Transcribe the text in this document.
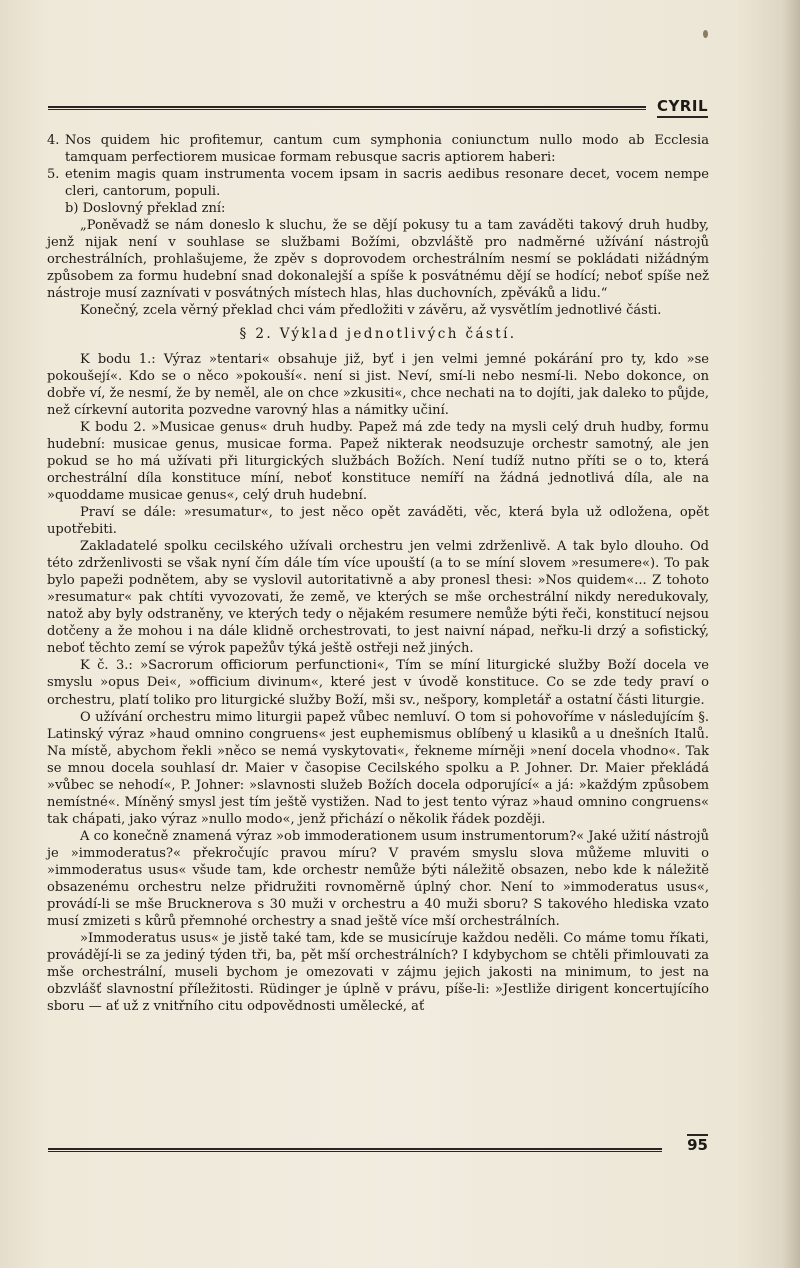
CYRIL

4. Nos quidem hic profitemur, cantum cum symphonia coniunctum nullo modo ab Ecclesia tamquam perfectiorem musicae formam rebusque sacris aptiorem haberi:

5. etenim magis quam instrumenta vocem ipsam in sacris aedibus resonare decet, vocem nempe cleri, cantorum, populi.

b) Doslovný překlad zní:

„Poněvadž se nám doneslo k sluchu, že se dějí pokusy tu a tam zaváděti takový druh hudby, jenž nijak není v souhlase se službami Božími, obzvláště pro nadměrné užívání nástrojů orchestrálních, prohlašujeme, že zpěv s doprovodem orchestrálním nesmí se pokládati nižádným způsobem za formu hudební snad dokonalejší a spíše k posvátnému dějí se hodící; neboť spíše než nástroje musí zaznívati v posvátných místech hlas, hlas duchovních, zpěváků a lidu.“

Konečný, zcela věrný překlad chci vám předložiti v závěru, až vysvětlím jednotlivé části.

§ 2. Výklad jednotlivých částí.

K bodu 1.: Výraz »tentari« obsahuje již, byť i jen velmi jemné pokárání pro ty, kdo »se pokoušejí«. Kdo se o něco »pokouší«. není si jist. Neví, smí-li nebo nesmí-li. Nebo dokonce, on dobře ví, že nesmí, že by neměl, ale on chce »zkusiti«, chce nechati na to dojíti, jak daleko to půjde, než církevní autorita pozvedne varovný hlas a námitky učiní.

K bodu 2. »Musicae genus« druh hudby. Papež má zde tedy na mysli celý druh hudby, formu hudební: musicae genus, musicae forma. Papež nikterak neodsuzuje orchestr samotný, ale jen pokud se ho má užívati při liturgických službách Božích. Není tudíž nutno příti se o to, která orchestrální díla konstituce míní, neboť konstituce nemíří na žádná jednotlivá díla, ale na »quoddame musicae genus«, celý druh hudební.

Praví se dále: »resumatur«, to jest něco opět zaváděti, věc, která byla už odložena, opět upotřebiti.

Zakladatelé spolku cecilského užívali orchestru jen velmi zdrženlivě. A tak bylo dlouho. Od této zdrženlivosti se však nyní čím dále tím více upouští (a to se míní slovem »resumere«). To pak bylo papeži podnětem, aby se vyslovil autoritativně a aby pronesl thesi: »Nos quidem«... Z tohoto »resumatur« pak chtíti vyvozovati, že země, ve kterých se mše orchestrální nikdy neredukovaly, natož aby byly odstraněny, ve kterých tedy o nějakém resumere nemůže býti řeči, konstitucí nejsou dotčeny a že mohou i na dále klidně orchestrovati, to jest naivní nápad, neřku-li drzý a sofistický, neboť těchto zemí se výrok papežův týká ještě ostřeji než jiných.

K č. 3.: »Sacrorum officiorum perfunctioni«, Tím se míní liturgické služby Boží docela ve smyslu »opus Dei«, »officium divinum«, které jest v úvodě konstituce. Co se zde tedy praví o orchestru, platí toliko pro liturgické služby Boží, mši sv., nešpory, kompletář a ostatní části liturgie.

O užívání orchestru mimo liturgii papež vůbec nemluví. O tom si pohovoříme v následujícím §. Latinský výraz »haud omnino congruens« jest euphemismus oblíbený u klasiků a u dnešních Italů. Na místě, abychom řekli »něco se nemá vyskytovati«, řekneme mírněji »není docela vhodno«. Tak se mnou docela souhlasí dr. Maier v časopise Cecilského spolku a P. Johner. Dr. Maier překládá »vůbec se nehodí«, P. Johner: »slavnosti služeb Božích docela odporující« a já: »každým způsobem nemístné«. Míněný smysl jest tím ještě vystižen. Nad to jest tento výraz »haud omnino congruens« tak chápati, jako výraz »nullo modo«, jenž přichází o několik řádek později.

A co konečně znamená výraz »ob immoderationem usum instrumentorum?« Jaké užití nástrojů je »immoderatus?« překročujíc pravou míru? V pravém smyslu slova můžeme mluviti o »immoderatus usus« všude tam, kde orchestr nemůže býti náležitě obsazen, nebo kde k náležitě obsazenému orchestru nelze přidružiti rovnoměrně úplný chor. Není to »immoderatus usus«, provádí-li se mše Brucknerova s 30 muži v orchestru a 40 muži sboru? S takového hlediska vzato musí zmizeti s kůrů přemnohé orchestry a snad ještě více mší orchestrálních.

»Immoderatus usus« je jistě také tam, kde se musicíruje každou neděli. Co máme tomu říkati, provádějí-li se za jediný týden tři, ba, pět mší orchestrálních? I kdybychom se chtěli přimlouvati za mše orchestrální, museli bychom je omezovati v zájmu jejich jakosti na minimum, to jest na obzvlášť slavnostní příležitosti. Rüdinger je úplně v právu, píše-li: »Jestliže dirigent koncertujícího sboru — ať už z vnitřního citu odpovědnosti umělecké, ať

95
